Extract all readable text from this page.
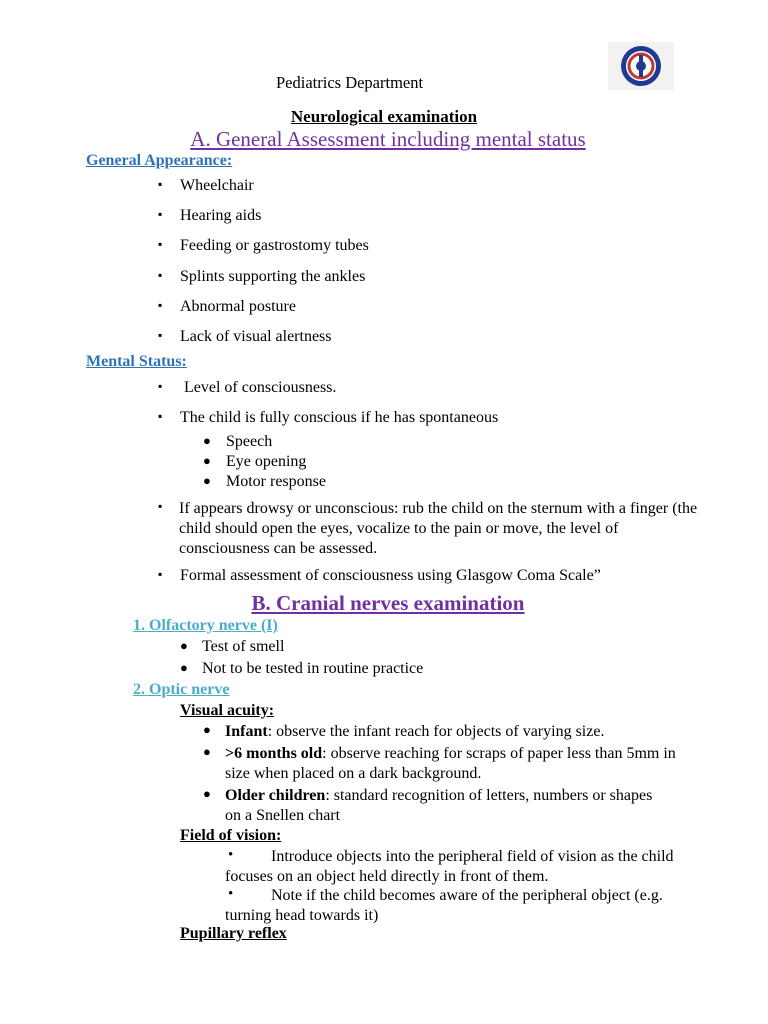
Pediatrics Department
Neurological examination
A. General Assessment including mental status
General Appearance:
▪ Wheelchair
▪ Hearing aids
▪ Feeding or gastrostomy tubes
▪ Splints supporting the ankles
▪ Abnormal posture
▪ Lack of visual alertness
Mental Status:
▪ Level of consciousness.
▪ The child is fully conscious if he has spontaneous
● Speech
● Eye opening
● Motor response
▪ If appears drowsy or unconscious: rub the child on the sternum with a finger (the child should open the eyes, vocalize to the pain or move, the level of consciousness can be assessed.
▪ Formal assessment of consciousness using Glasgow Coma Scale”
B. Cranial nerves examination
1. Olfactory nerve (I)
● Test of smell
● Not to be tested in routine practice
2. Optic nerve
Visual acuity:
● Infant: observe the infant reach for objects of varying size.
● >6 months old: observe reaching for scraps of paper less than 5mm in size when placed on a dark background.
● Older children: standard recognition of letters, numbers or shapes on a Snellen chart
Field of vision:
•	Introduce objects into the peripheral field of vision as the child focuses on an object held directly in front of them.
•	Note if the child becomes aware of the peripheral object (e.g. turning head towards it)
Pupillary reflex
